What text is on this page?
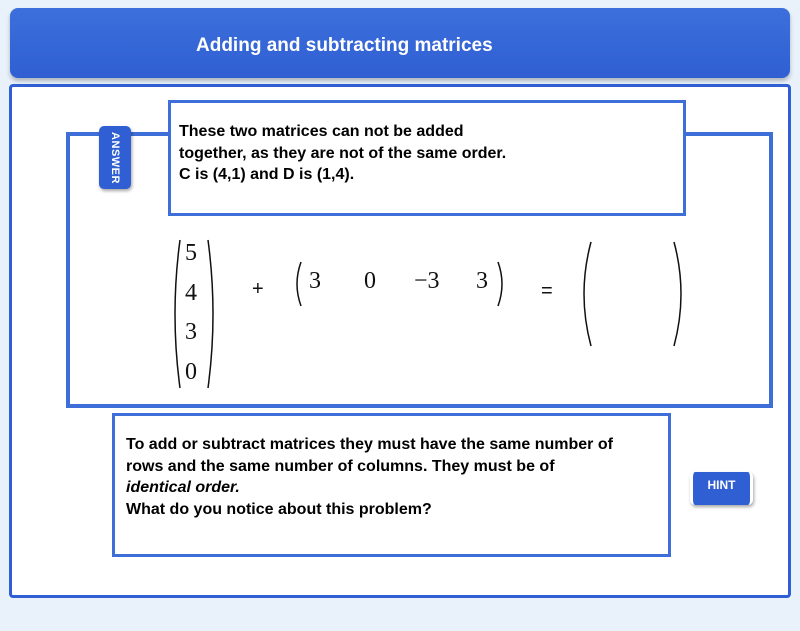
Adding and subtracting matrices
5
4
3
0
+ 3 0 −3 3	=
These two matrices can not be added
together, as they are not of the same order.
C is (4,1) and D is (1,4).
ANSWER
To add or subtract matrices they must have the same number of
rows and the same number of columns. They must be of
identical order.
What do you notice about this problem?
HINT
